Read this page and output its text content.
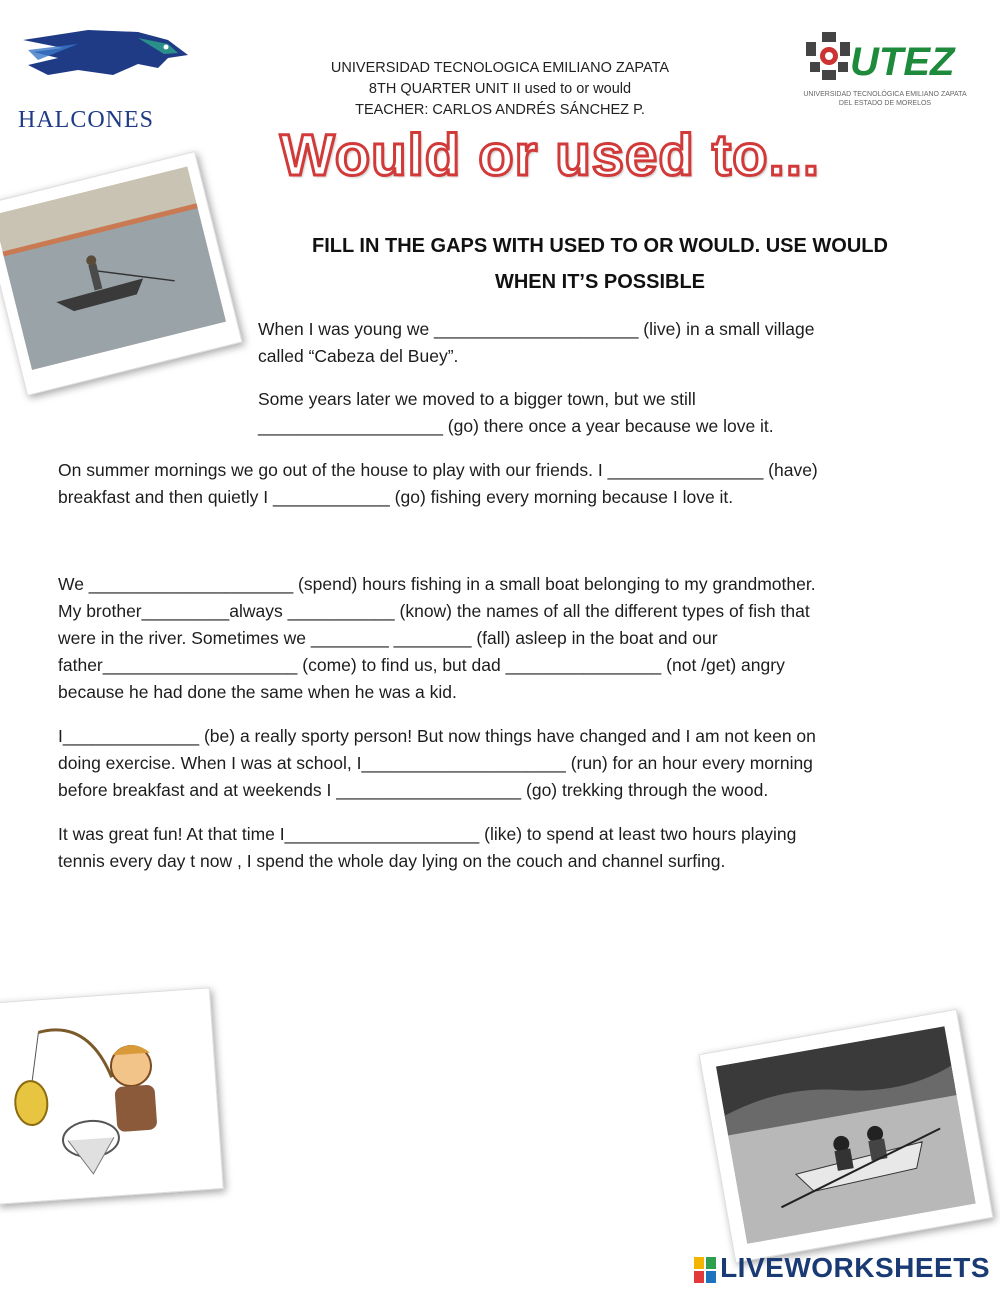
HALCONES
UTEZ
UNIVERSIDAD TECNOLÓGICA EMILIANO ZAPATA DEL ESTADO DE MORELOS
UNIVERSIDAD TECNOLOGICA EMILIANO ZAPATA
8TH QUARTER UNIT II used to or would
TEACHER: CARLOS ANDRÉS SÁNCHEZ P.
Would or used to...
FILL IN THE GAPS WITH USED TO OR WOULD. USE WOULD
WHEN IT’S POSSIBLE

When I was young we _____________________ (live) in a small village

called “Cabeza del Buey”.

Some years later we moved to a bigger town, but we still

___________________ (go) there once a year because we love it.

On summer mornings we go out of the house to play with our friends. I ________________ (have)

breakfast and then quietly I ____________ (go) fishing every morning because I love it.

We _____________________ (spend) hours fishing in a small boat belonging to my grandmother.

My brother_________always ___________ (know) the names of all the different types of fish that

were in the river. Sometimes we ________ ________ (fall) asleep in the boat and our

father____________________ (come) to find us, but dad ________________ (not /get) angry

because he had done the same when he was a kid.

I______________ (be) a really sporty person! But now things have changed and I am not keen on

doing exercise. When I was at school, I_____________________ (run) for an hour every morning

before breakfast and at weekends I ___________________ (go) trekking through the wood.

It was great fun! At that time I____________________ (like) to spend at least two hours playing

tennis every day t now , I spend the whole day lying on the couch and channel surfing.

LIVEWORKSHEETS
